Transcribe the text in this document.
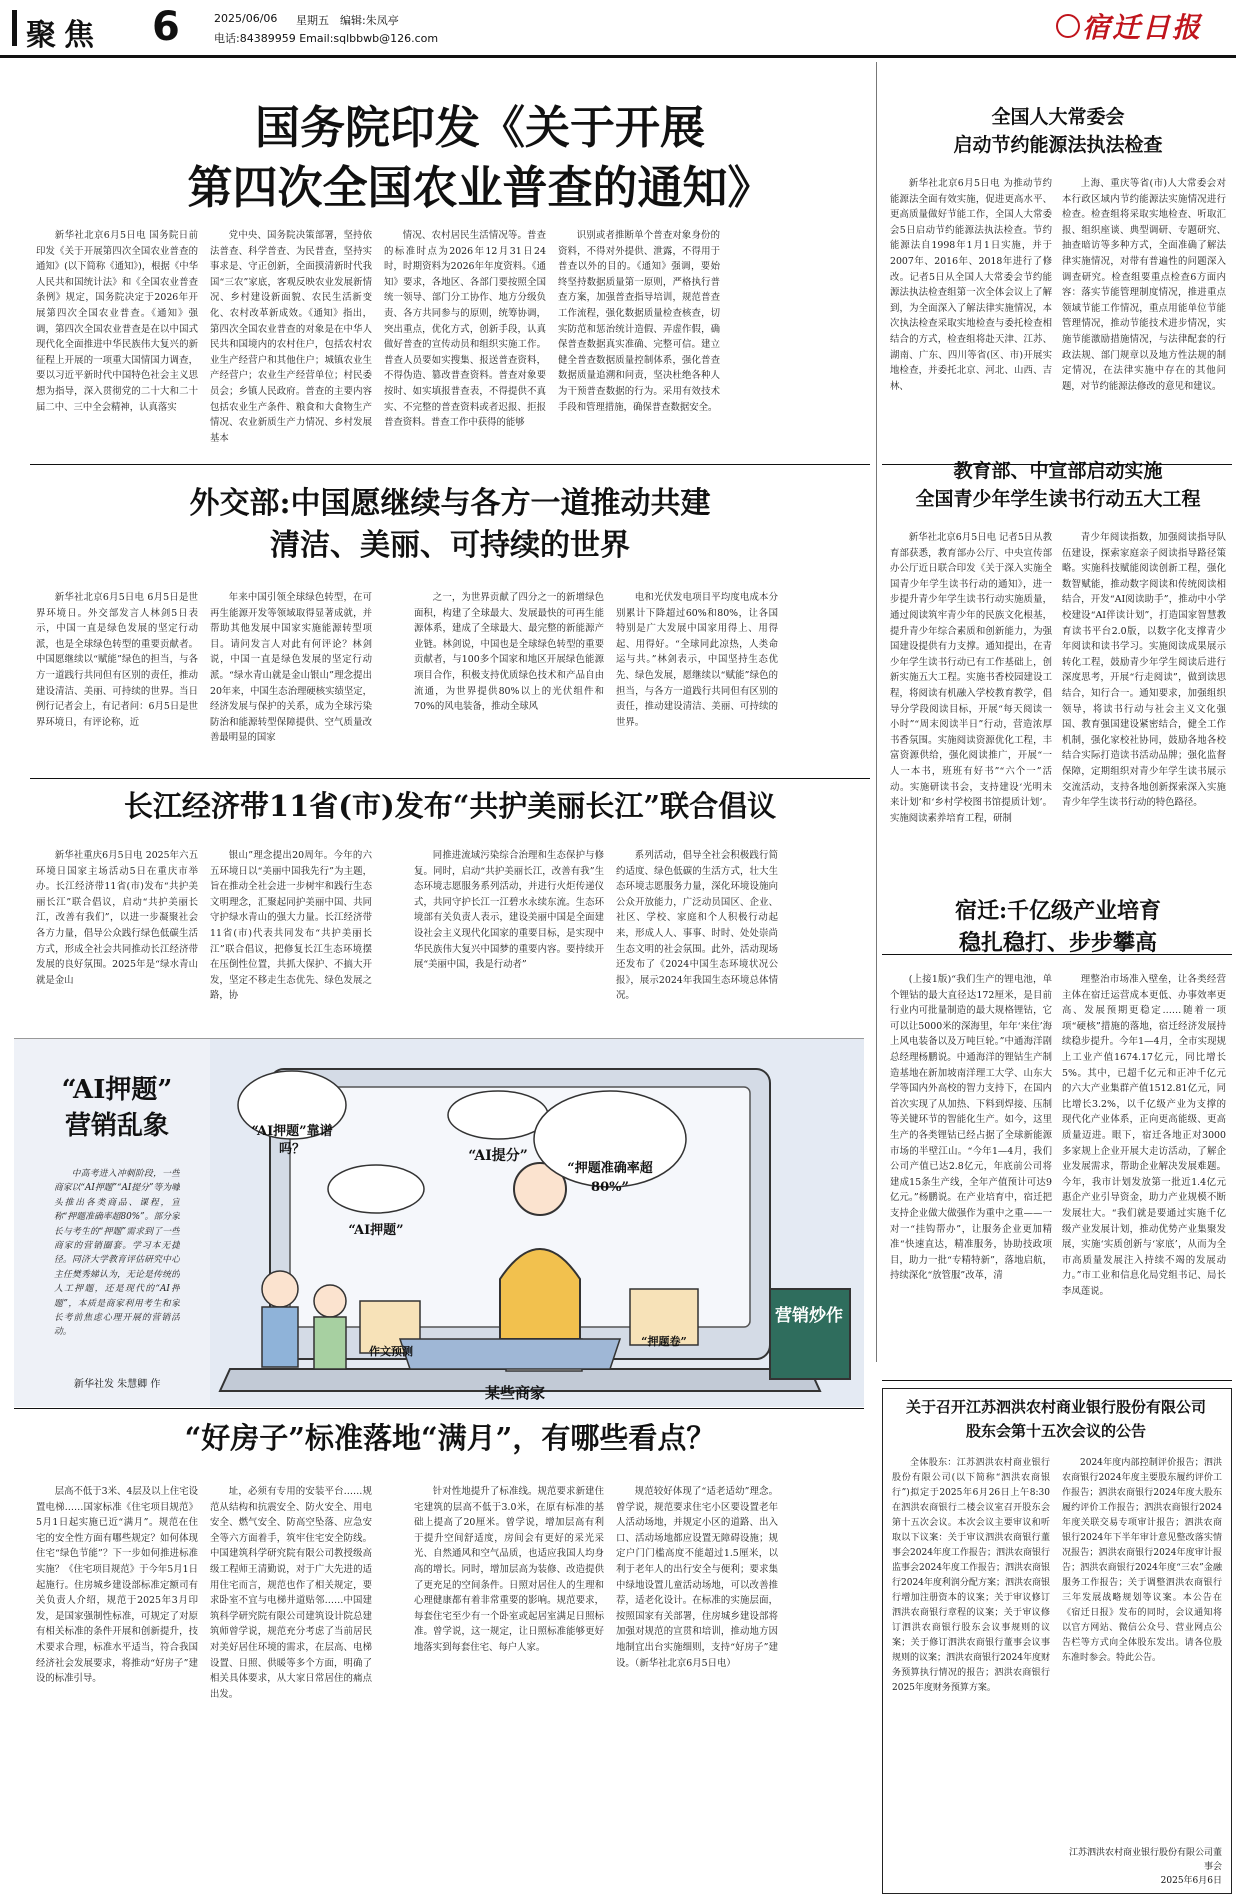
聚焦 6	2025/06/06 星期五 编辑:朱凤亭
电话:84389959 Email:sqlbbwb@126.com	宿迁日报
国务院印发《关于开展
第四次全国农业普查的通知》

新华社北京6月5日电 国务院日前印发《关于开展第四次全国农业普查的通知》(以下简称《通知》)，根据《中华人民共和国统计法》和《全国农业普查条例》规定，国务院决定于2026年开展第四次全国农业普查。《通知》强调，第四次全国农业普查是在以中国式现代化全面推进中华民族伟大复兴的新征程上开展的一项重大国情国力调查，要以习近平新时代中国特色社会主义思想为指导，深入贯彻党的二十大和二十届二中、三中全会精神，认真落实

党中央、国务院决策部署，坚持依法普查、科学普查、为民普查，坚持实事求是、守正创新，全面摸清新时代我国“三农”家底，客观反映农业发展新情况、乡村建设新面貌、农民生活新变化、农村改革新成效。《通知》指出，第四次全国农业普查的对象是在中华人民共和国境内的农村住户，包括农村农业生产经营户和其他住户；城镇农业生产经营户；农业生产经营单位；村民委员会；乡镇人民政府。普查的主要内容包括农业生产条件、粮食和大食物生产情况、农业新质生产力情况、乡村发展基本

情况、农村居民生活情况等。普查的标准时点为2026年12月31日24时，时期资料为2026年年度资料。《通知》要求，各地区、各部门要按照全国统一领导、部门分工协作、地方分级负责、各方共同参与的原则，统筹协调，突出重点，优化方式，创新手段，认真做好普查的宣传动员和组织实施工作。普查人员要如实搜集、报送普查资料，不得伪造、篡改普查资料。普查对象要按时、如实填报普查表，不得提供不真实、不完整的普查资料或者迟报、拒报普查资料。普查工作中获得的能够

识别或者推断单个普查对象身份的资料，不得对外提供、泄露，不得用于普查以外的目的。《通知》强调，要始终坚持数据质量第一原则，严格执行普查方案，加强普查指导培训，规范普查工作流程，强化数据质量检查核查，切实防范和惩治统计造假、弄虚作假，确保普查数据真实准确、完整可信。建立健全普查数据质量控制体系，强化普查数据质量追溯和问责，坚决杜绝各种人为干预普查数据的行为。采用有效技术手段和管理措施，确保普查数据安全。

全国人大常委会
启动节约能源法执法检查

新华社北京6月5日电 为推动节约能源法全面有效实施，促进更高水平、更高质量做好节能工作，全国人大常委会5日启动节约能源法执法检查。节约能源法自1998年1月1日实施，并于2007年、2016年、2018年进行了修改。记者5日从全国人大常委会节约能源法执法检查组第一次全体会议上了解到，为全面深入了解法律实施情况，本次执法检查采取实地检查与委托检查相结合的方式，检查组将赴天津、江苏、湖南、广东、四川等省(区、市)开展实地检查，并委托北京、河北、山西、吉林、

上海、重庆等省(市)人大常委会对本行政区域内节约能源法实施情况进行检查。检查组将采取实地检查、听取汇报、组织座谈、典型调研、专题研究、抽查暗访等多种方式，全面准确了解法律实施情况，对带有普遍性的问题深入调查研究。检查组要重点检查6方面内容：落实节能管理制度情况，推进重点领域节能工作情况，重点用能单位节能管理情况，推动节能技术进步情况，实施节能激励措施情况，与法律配套的行政法规、部门规章以及地方性法规的制定情况，在法律实施中存在的其他问题，对节约能源法修改的意见和建议。

外交部:中国愿继续与各方一道推动共建
清洁、美丽、可持续的世界

新华社北京6月5日电 6月5日是世界环境日。外交部发言人林剑5日表示，中国一直是绿色发展的坚定行动派，也是全球绿色转型的重要贡献者。中国愿继续以“赋能”绿色的担当，与各方一道践行共同但有区别的责任，推动建设清洁、美丽、可持续的世界。当日例行记者会上，有记者问：6月5日是世界环境日，有评论称，近

年来中国引领全球绿色转型，在可再生能源开发等领域取得显著成就，并帮助其他发展中国家实施能源转型项目。请问发言人对此有何评论？林剑说，中国一直是绿色发展的坚定行动派。“绿水青山就是金山银山”理念提出20年来，中国生态治理硬核实绩坚定，经济发展与保护的关系，成为全球污染防治和能源转型保障提供、空气质量改善最明显的国家

之一，为世界贡献了四分之一的新增绿色面积，构建了全球最大、发展最快的可再生能源体系，建成了全球最大、最完整的新能源产业链。林剑说，中国也是全球绿色转型的重要贡献者，与100多个国家和地区开展绿色能源项目合作，积极支持优质绿色技术和产品自由流通，为世界提供80%以上的光伏组件和70%的风电装备，推动全球风

电和光伏发电项目平均度电成本分别累计下降超过60%和80%，让各国特别是广大发展中国家用得上、用得起、用得好。“全球同此凉热，人类命运与共。”林剑表示，中国坚持生态优先、绿色发展，愿继续以“赋能”绿色的担当，与各方一道践行共同但有区别的责任，推动建设清洁、美丽、可持续的世界。

教育部、中宣部启动实施
全国青少年学生读书行动五大工程

新华社北京6月5日电 记者5日从教育部获悉，教育部办公厅、中央宣传部办公厅近日联合印发《关于深入实施全国青少年学生读书行动的通知》，进一步提升青少年学生读书行动实施质量，通过阅读筑牢青少年的民族文化根基，提升青少年综合素质和创新能力，为强国建设提供有力支撑。通知提出，在青少年学生读书行动已有工作基础上，创新实施五大工程。实施书香校园建设工程，将阅读有机融入学校教育教学，倡导分学段阅读目标，开展“每天阅读一小时”“周末阅读半日”行动，营造浓厚书香氛围。实施阅读资源优化工程，丰富资源供给，强化阅读推广，开展“一人一本书，班班有好书”“六个一”活动。实施研读书会，支持建设‘光明未来计划’和‘乡村学校图书馆提质计划’。实施阅读素养培育工程，研制

青少年阅读指数，加强阅读指导队伍建设，探索家庭亲子阅读指导路径策略。实施科技赋能阅读创新工程，强化数智赋能，推动数字阅读和传统阅读相结合，开发“AI阅读助手”，推动中小学校建设“AI伴读计划”，打造国家智慧教育读书平台2.0版，以数字化支撑青少年阅读和读书学习。实施阅读成果展示转化工程，鼓励青少年学生阅读后进行深度思考，开展“行走阅读”，做到读思结合，知行合一。通知要求，加强组织领导，将读书行动与社会主义文化强国、教育强国建设紧密结合，健全工作机制，强化家校社协同，鼓励各地各校结合实际打造读书活动品牌；强化监督保障，定期组织对青少年学生读书展示交流活动，支持各地创新探索深入实施青少年学生读书行动的特色路径。

长江经济带11省(市)发布“共护美丽长江”联合倡议

新华社重庆6月5日电 2025年六五环境日国家主场活动5日在重庆市举办。长江经济带11省(市)发布“共护美丽长江”联合倡议，启动“共护美丽长江，改善有我们”，以进一步凝聚社会各方力量，倡导公众践行绿色低碳生活方式，形成全社会共同推动长江经济带发展的良好氛围。2025年是“绿水青山就是金山

银山”理念提出20周年。今年的六五环境日以“美丽中国我先行”为主题，旨在推动全社会进一步树牢和践行生态文明理念，汇聚起同护美丽中国、共同守护绿水青山的强大力量。长江经济带11省(市)代表共同发布“共护美丽长江”联合倡议，把修复长江生态环境摆在压倒性位置，共抓大保护、不搞大开发，坚定不移走生态优先、绿色发展之路，协

同推进流域污染综合治理和生态保护与修复。同时，启动“共护美丽长江，改善有我”生态环境志愿服务系列活动，并进行火炬传递仪式，共同守护长江一江碧水永续东流。生态环境部有关负责人表示，建设美丽中国是全面建设社会主义现代化国家的重要目标，是实现中华民族伟大复兴中国梦的重要内容。要持续开展“美丽中国，我是行动者”

系列活动，倡导全社会积极践行简约适度、绿色低碳的生活方式，壮大生态环境志愿服务力量，深化环境设施向公众开放能力，广泛动员国区、企业、社区、学校、家庭和个人积极行动起来，形成人人、事事、时时、处处崇尚生态文明的社会氛围。此外，活动现场还发布了《2024中国生态环境状况公报》，展示2024年我国生态环境总体情况。

“AI押题”
营销乱象

中高考进入冲刺阶段，一些商家以“AI押题”“AI提分”等为噱头推出各类商品、课程，宣称“押题准确率超80%”。部分家长与考生的“押题”需求到了一些商家的营销圈套。学习本无捷径。同济大学教育评估研究中心主任樊秀娣认为，无论是传统的人工押题，还是现代的“AI押题”，本质是商家利用考生和家长考前焦虑心理开展的营销活动。

新华社发 朱慧卿 作
“AI押题”靠谱吗？
“AI押题”
“AI提分”
“押题准确率超80%”
作文预测
“押题卷”
某些商家
营销炒作
宿迁:千亿级产业培育
稳扎稳打、步步攀高

(上接1版)“我们生产的锂电池，单个锂钴的最大直径达172厘米，是目前行业内可批量制造的最大规格锂钴，它可以让5000米的深海里，年年‘来住’海上风电装备以及万吨巨轮。”中通海洋剧总经理杨鹏说。中通海洋的锂钴生产制造基地在新加坡南洋理工大学、山东大学等国内外高校的智力支持下，在国内首次实现了从加热、下料到焊接、压制等关键环节的智能化生产。如今，这里生产的各类锂钴已经占据了全球新能源市场的半壁江山。“今年1—4月，我们公司产值已达2.8亿元，年底前公司将建成15条生产线，全年产值预计可达9亿元。”杨鹏说。在产业培育中，宿迁把支持企业做大做强作为重中之重——一对一“挂钩帮办”，让服务企业更加精准“快速直达，精准服务，协助技政项目，助力一批“专精特新”，落地启航，持续深化“放管服”改革，清

理整治市场准入壁垒，让各类经营主体在宿迁运营成本更低、办事效率更高、发展预期更稳定……随着一项项“硬核”措施的落地，宿迁经济发展持续稳步提升。今年1—4月，全市实现规上工业产值1674.17亿元，同比增长5%。其中，已超千亿元和正冲千亿元的六大产业集群产值1512.81亿元，同比增长3.2%，以千亿级产业为支撑的现代化产业体系，正向更高能级、更高质量迈进。眼下，宿迁各地正对3000多家规上企业开展大走访活动，了解企业发展需求，帮助企业解决发展难题。今年，我市计划发放第一批近1.4亿元惠企产业引导资金，助力产业规模不断发展壮大。“我们就是要通过实施千亿级产业发展计划，推动优势产业集聚发展，实施‘实质创新与‘家底’，从而为全市高质量发展注入持续不竭的发展动力。”市工业和信息化局党组书记、局长李凤莲说。

“好房子”标准落地“满月”，有哪些看点？

层高不低于3米、4层及以上住宅设置电梯……国家标准《住宅项目规范》5月1日起实施已近“满月”。规范在住宅的安全性方面有哪些规定？如何体现住宅“绿色节能”？下一步如何推进标准实施？《住宅项目规范》于今年5月1日起施行。住房城乡建设部标准定额司有关负责人介绍，规范于2025年3月印发，是国家强制性标准，可规定了对原有相关标准的条件开展和创新提升，技术要求合理，标准水平适当，符合我国经济社会发展要求，将推动“好房子”建设的标准引导。

址，必须有专用的安装平台……规范从结构和抗震安全、防火安全、用电安全、燃气安全、防高空坠落、应急安全等六方面着手，筑牢住宅安全防线。中国建筑科学研究院有限公司教授级高级工程师王清勤说，对于广大先进的适用住宅而言，规范也作了相关规定，要求卧室不宜与电梯井道贴邻……中国建筑科学研究院有限公司建筑设计院总建筑师曾学说，规范充分考虑了当前居民对美好居住环境的需求，在层高、电梯设置、日照、供暖等多个方面，明确了相关具体要求，从大家日常居住的痛点出发。

针对性地提升了标准线。规范要求新建住宅建筑的层高不低于3.0米，在原有标准的基础上提高了20厘米。曾学说，增加层高有利于提升空间舒适度，房间会有更好的采光采光、自然通风和空气品质，也适应我国人均身高的增长。同时，增加层高为装修、改造提供了更充足的空间条件。日照对居住人的生理和心理健康都有着非常重要的影响。规范要求，每套住宅至少有一个卧室或起居室满足日照标准。曾学说，这一规定，让日照标准能够更好地落实到每套住宅、每户人家。

规范较好体现了“适老适幼”理念。曾学说，规范要求住宅小区要设置老年人活动场地，并规定小区的道路、出入口、活动场地都应设置无障碍设施；规定户门门槛高度不能超过1.5厘米，以利于老年人的出行安全与便利；要求集中绿地设置儿童活动场地，可以改善推荐，适老化设计。在标准的实施层面，按照国家有关部署，住房城乡建设部将加强对规范的宣贯和培训，推动地方因地制宜出台实施细则，支持“好房子”建设。（新华社北京6月5日电）

关于召开江苏泗洪农村商业银行股份有限公司
股东会第十五次会议的公告

全体股东：江苏泗洪农村商业银行股份有限公司(以下简称“泗洪农商银行”)拟定于2025年6月26日上午8:30在泗洪农商银行二楼会议室召开股东会第十五次会议。本次会议主要审议和听取以下议案：关于审议泗洪农商银行董事会2024年度工作报告；泗洪农商银行监事会2024年度工作报告；泗洪农商银行2024年度利润分配方案；泗洪农商银行增加注册资本的议案；关于审议修订泗洪农商银行章程的议案；关于审议修订泗洪农商银行股东会议事规则的议案；关于修订泗洪农商银行董事会议事规则的议案；泗洪农商银行2024年度财务预算执行情况的报告；泗洪农商银行2025年度财务预算方案。

2024年度内部控制评价报告；泗洪农商银行2024年度主要股东履约评价工作报告；泗洪农商银行2024年度大股东履约评价工作报告；泗洪农商银行2024年度关联交易专项审计报告；泗洪农商银行2024年下半年审计意见整改落实情况报告；泗洪农商银行2024年度审计报告；泗洪农商银行2024年度“三农”金融服务工作报告；关于调整泗洪农商银行三年发展战略规划等议案。本公告在《宿迁日报》发布的同时，会议通知将以官方网站、微信公众号、营业网点公告栏等方式向全体股东发出。请各位股东准时参会。特此公告。

江苏泗洪农村商业银行股份有限公司董事会
2025年6月6日
